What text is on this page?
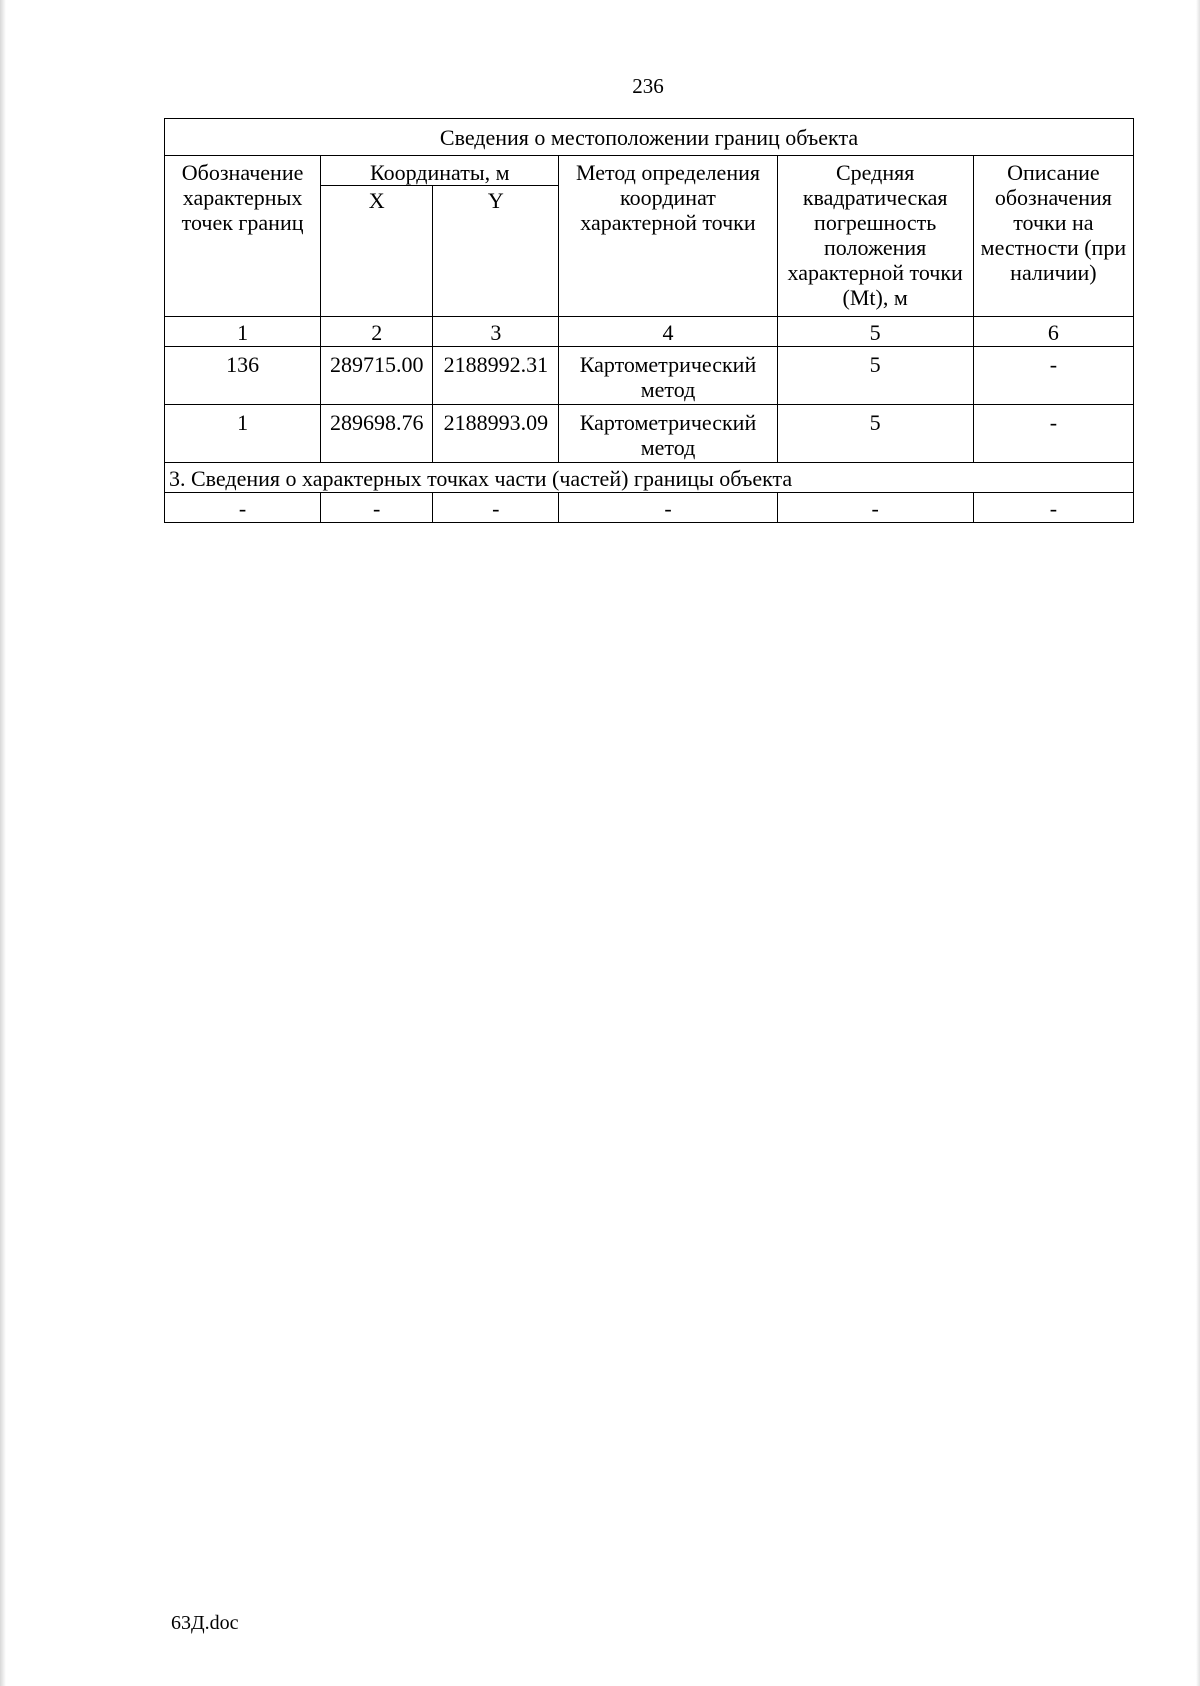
236
Сведения о местоположении границ объекта					
Обозначение характерных точек границ	Координаты, м		Метод определения координат характерной точки	Средняя квадратическая погрешность положения характерной точки (Mt), м	Описание обозначения точки на местности (при наличии)
	X	Y			
1	2	3	4	5	6
136	289715.00	2188992.31	Картометрический метод	5	-
1	289698.76	2188993.09	Картометрический метод	5	-
3. Сведения о характерных точках части (частей) границы объекта					
-	-	-	-	-	-
63Д.doc
